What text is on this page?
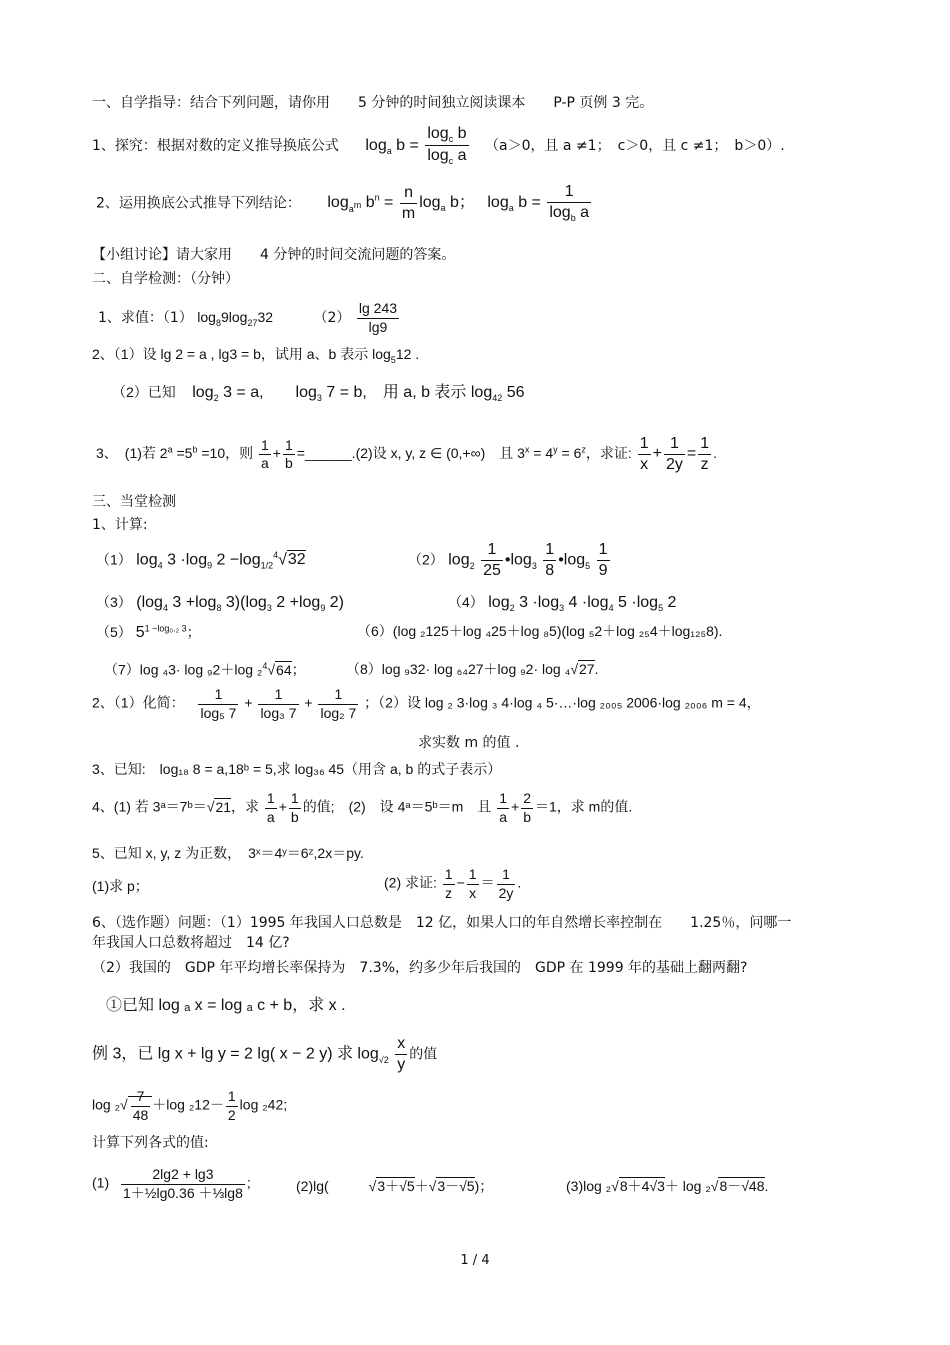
一、自学指导：结合下列问题，请你用　　5 分钟的时间独立阅读课本　　P-P 页例 3 完。
1、探究：根据对数的定义推导换底公式 $\log_a b = \frac{\log_c b}{\log_c a} (a>0$，且 a ≠1；　c＞0，且 c ≠1；　b＞0）.
2、运用换底公式推导下列结论： $\log_{a^m} b^n = \frac{n}{m} \log_a b$； $\log_a b = \frac{1}{\log_b a}$
【小组讨论】请大家用　　4 分钟的时间交流问题的答案。
二、自学检测：（分钟）
1、求值：（1） $\log_89\log_{27}32$	$(2) \frac{\lg 243}{\lg 9}$
2、（1）设 lg 2 = a , lg3 = b，试用 a、b 表示 $\log_512$ .
（2）已知 $\log_2 3 = a$,　　$\log_3 7 = b$,　用 a, b 表示 $\log_{42} 56$
3、　(1)若 $2^a =5^b =10$，则 $\frac{1}{a} + \frac{1}{b}$ =______.(2)设 x, y, z ∈ (0,+∞)　且 $3^x = 4^y = 6^z$，求证: $\frac{1}{x} + \frac{1}{2y} = \frac{1}{z}$ .
三、当堂检测
1、计算:
（1） $\log_4 3 \cdot\log_9$ $2 -\log_{1/2}^4√32$	（2） $\log_2 \frac{1}{25}$ $•\log_3 \frac{1}{8}$ $•\log_5 \frac{1}{9}$
（3） ($\log_4$ $3 +\log_8$ $3)(\log_3$ $2 +\log_9$ 2)	（4） $\log_2 3 \cdot\log_3$ $4 \cdot\log_4$ $5 \cdot\log_5$ 2
（5） $5^{1 -log_0._2 3}$；	（6）(log ₂125＋log ₄25＋log ₈5)(log ₅2＋log ₂₅4＋log₁₂₅8).
（7）log ₄3· log ₉2＋log ₂$^4$√64；	（8）log ₉32· log ₆₄27＋log ₉2· log ₄√27.
2、（1）化简： $\frac{1}{\text{log₅ 7}} + \frac{1}{\text{log₃ 7}} + \frac{1}{\text{log₂ 7}}$ ；（2）设 log ₂ 3·log ₃ 4·log ₄ 5·…·log ₂₀₀₅ 2006·log ₂₀₀₆ m = 4，
求实数 m 的值 .
3、已知:　log₁₈ 8 = a,18ᵇ = 5,求 log₃₆ 45（用含 a, b 的式子表示）
4、(1) 若 3ᵃ＝7ᵇ＝√21，求 $\frac{1}{a} + \frac{1}{b}$ 的值;　(2)　设 4ᵃ＝5ᵇ＝m　且 $\frac{1}{a} + \frac{2}{b} =1$，求 m的值.
5、已知 x, y, z 为正数，　3ˣ＝4ʸ＝6ᶻ,2x＝py.
(1)求 p；	(2) 求证: $\frac{1}{z} - \frac{1}{x} = \frac{1}{2y}$ .
6、（选作题）问题：（1）1995 年我国人口总数是　12 亿，如果人口的年自然增长率控制在　　1.25％，问哪一
年我国人口总数将超过　14 亿?
（2）我国的　GDP 年平均增长率保持为　7.3%，约多少年后我国的　GDP 在 1999 年的基础上翻两翻?
①已知 log ₐ x = log ₐ c + b，求 x .
例 3，已 lg x + lg y = 2 lg( x − 2 y) 求 $\log_{√2} \frac{x}{y}$ 的值
$\log _2√ \frac{7}{48} +\log$ $_212- \frac{1}{2}$ log ₂42;
计算下列各式的值:
$(1) \frac{2\lg 2 + \lg 3}{\text{1＋½lg0.36 ＋⅓lg8}}$ ;	(2)lg(	√3＋√5＋√3－√5)；	(3)log ₂√8＋4√3＋ log ₂√8－√48.
1 / 4
